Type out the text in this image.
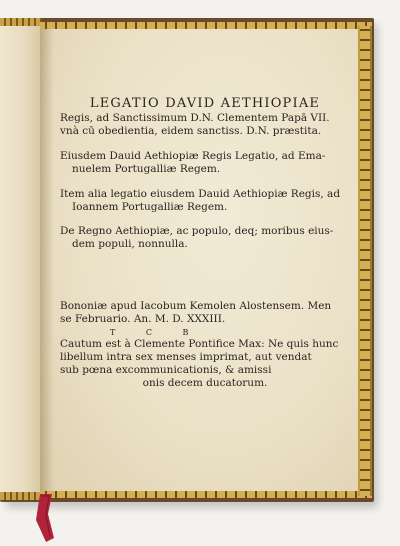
LEGATIO DAVID AETHIOPIAE
Regis, ad Sanctissimum D.N. Clementem Papā VII.
vnà cū obedientia, eidem sanctiss. D.N. præstita.
Eiusdem Dauid Aethiopiæ Regis Legatio, ad Ema-
nuelem Portugalliæ Regem.
Item alia legatio eiusdem Dauid Aethiopiæ Regis, ad
Ioannem Portugalliæ Regem.
De Regno Aethiopiæ, ac populo, deq; moribus eius-
dem populi, nonnulla.
Bononiæ apud Iacobum Kemolen Alostensem. Men
se Februario. An. M. D. XXXIII.
T C B
Cautum est à Clemente Pontifice Max: Ne quis hunc
libellum intra sex menses imprimat, aut vendat
sub pœna excommunicationis, & amissi
onis decem ducatorum.
